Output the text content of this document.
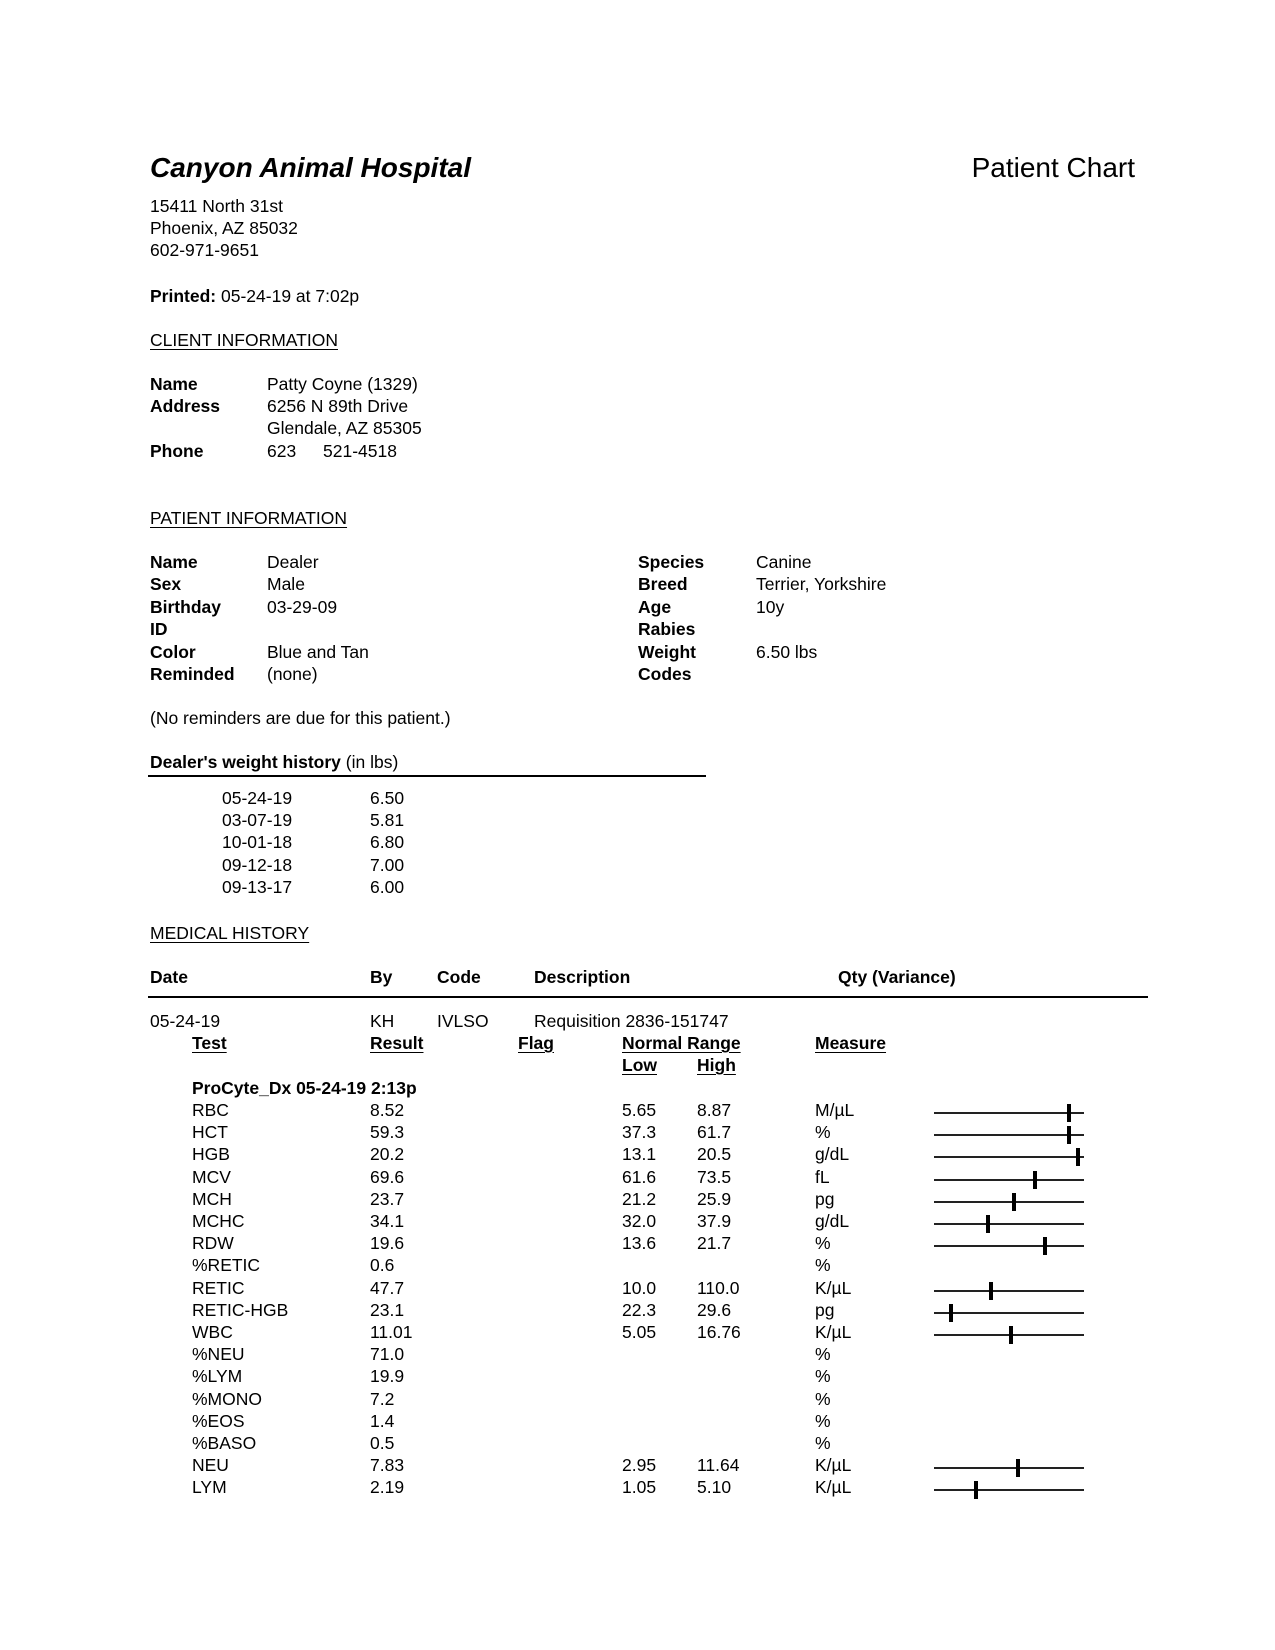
Canyon Animal Hospital	Patient Chart
15411 North 31st
Phoenix, AZ 85032
602-971-9651
Printed: 05-24-19 at 7:02p
CLIENT INFORMATION
Name	Patty Coyne (1329)
Address	6256 N 89th Drive
Glendale, AZ 85305
Phone	623 521-4518
PATIENT INFORMATION
Name	Dealer
Sex	Male
Birthday	03-29-09
ID
Color	Blue and Tan
Reminded (none)
Species	Canine
Breed	Terrier, Yorkshire
Age	10y
Rabies
Weight	6.50 lbs
Codes
(No reminders are due for this patient.)
Dealer's weight history (in lbs)
05-24-19	6.50
03-07-19	5.81
10-01-18	6.80
09-12-18	7.00
09-13-17	6.00
MEDICAL HISTORY
Date	By	Code	Description	Qty (Variance)
05-24-19	KH IVLSO	Requisition 2836-151747
Test	Result	Flag	Normal Range	Measure
Low High
ProCyte_Dx 05-24-19 2:13p
RBC	8.52	5.65 8.87	M/µL
HCT	59.3	37.3 61.7	%
HGB	20.2	13.1 20.5	g/dL
MCV	69.6	61.6 73.5	fL
MCH	23.7	21.2 25.9	pg
MCHC	34.1	32.0 37.9	g/dL
RDW	19.6	13.6 21.7	%
%RETIC	0.6	%
RETIC	47.7	10.0 110.0	K/µL
RETIC-HGB	23.1	22.3 29.6	pg
WBC	11.01	5.05 16.76	K/µL
%NEU	71.0	%
%LYM	19.9	%
%MONO	7.2	%
%EOS	1.4	%
%BASO	0.5	%
NEU	7.83	2.95 11.64	K/µL
LYM	2.19	1.05 5.10	K/µL
